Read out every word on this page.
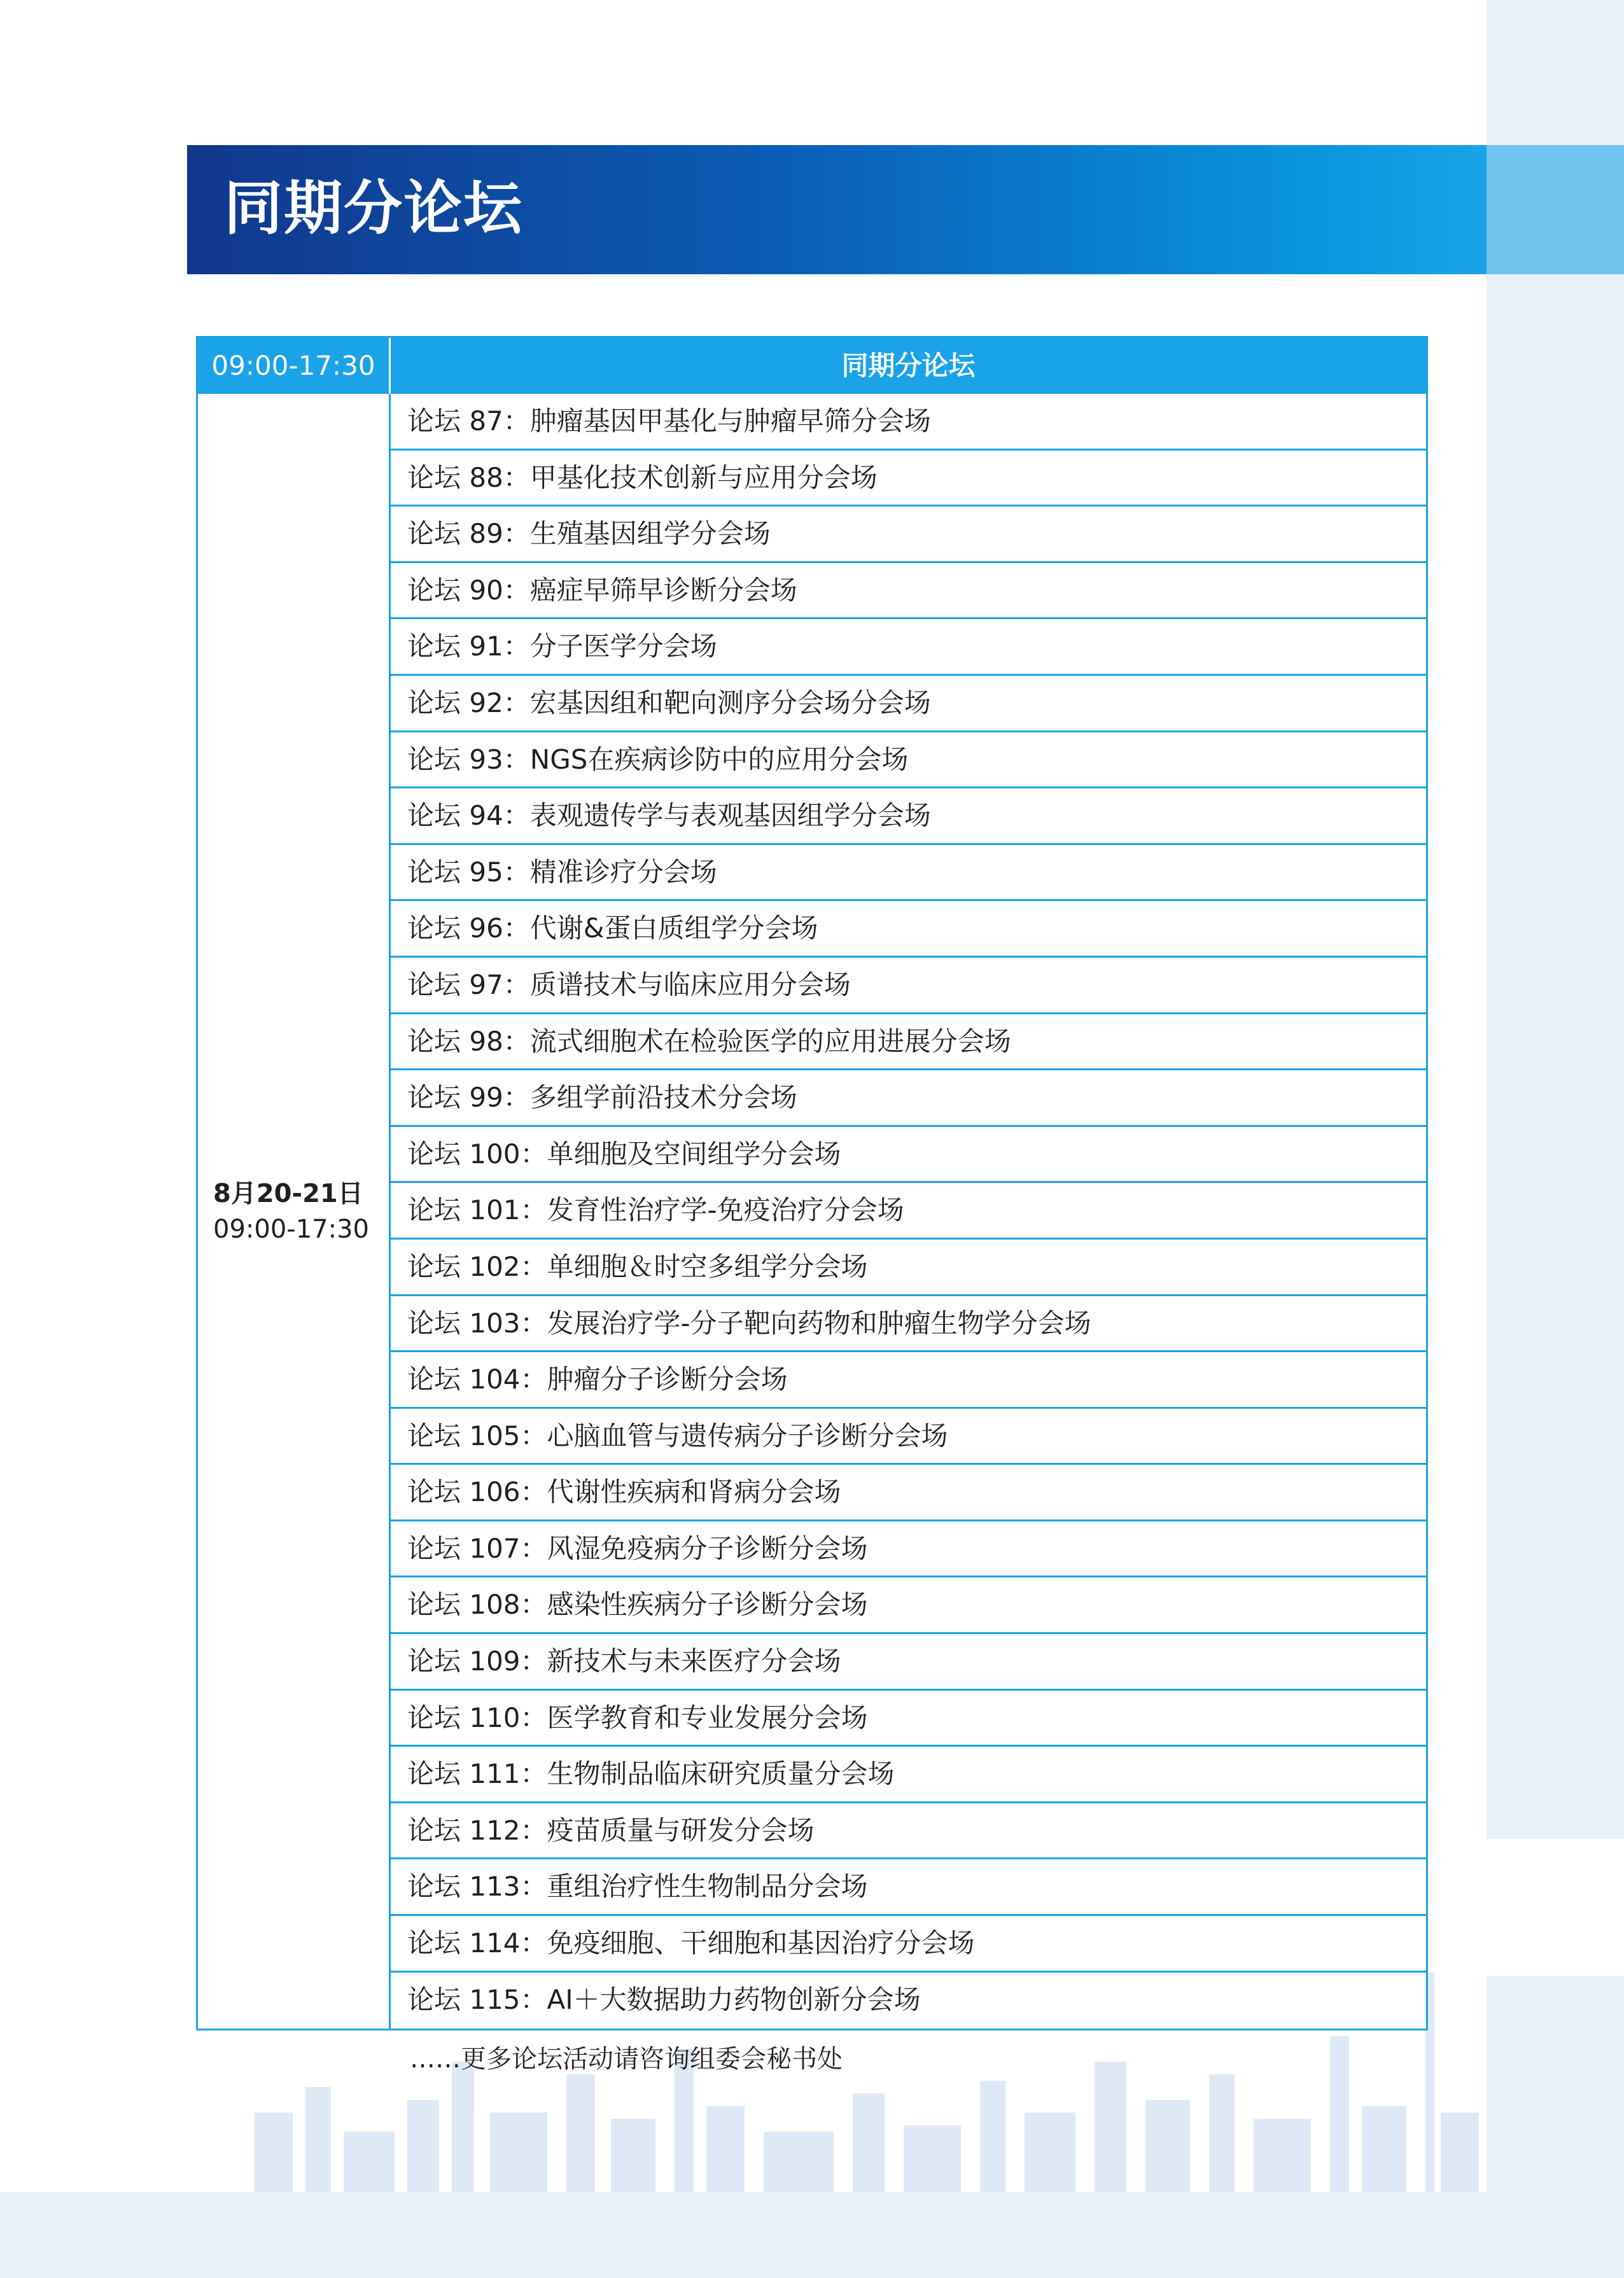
同期分论坛
09:00-17:30	同期分论坛
8月20-21日
09:00-17:30
论坛 87：肿瘤基因甲基化与肿瘤早筛分会场
论坛 88：甲基化技术创新与应用分会场
论坛 89：生殖基因组学分会场
论坛 90：癌症早筛早诊断分会场
论坛 91：分子医学分会场
论坛 92：宏基因组和靶向测序分会场分会场
论坛 93：NGS在疾病诊防中的应用分会场
论坛 94：表观遗传学与表观基因组学分会场
论坛 95：精准诊疗分会场
论坛 96：代谢&蛋白质组学分会场
论坛 97：质谱技术与临床应用分会场
论坛 98：流式细胞术在检验医学的应用进展分会场
论坛 99：多组学前沿技术分会场
论坛 100：单细胞及空间组学分会场
论坛 101：发育性治疗学-免疫治疗分会场
论坛 102：单细胞＆时空多组学分会场
论坛 103：发展治疗学-分子靶向药物和肿瘤生物学分会场
论坛 104：肿瘤分子诊断分会场
论坛 105：心脑血管与遗传病分子诊断分会场
论坛 106：代谢性疾病和肾病分会场
论坛 107：风湿免疫病分子诊断分会场
论坛 108：感染性疾病分子诊断分会场
论坛 109：新技术与未来医疗分会场
论坛 110：医学教育和专业发展分会场
论坛 111：生物制品临床研究质量分会场
论坛 112：疫苗质量与研发分会场
论坛 113：重组治疗性生物制品分会场
论坛 114：免疫细胞、干细胞和基因治疗分会场
论坛 115：AI＋大数据助力药物创新分会场
……更多论坛活动请咨询组委会秘书处
